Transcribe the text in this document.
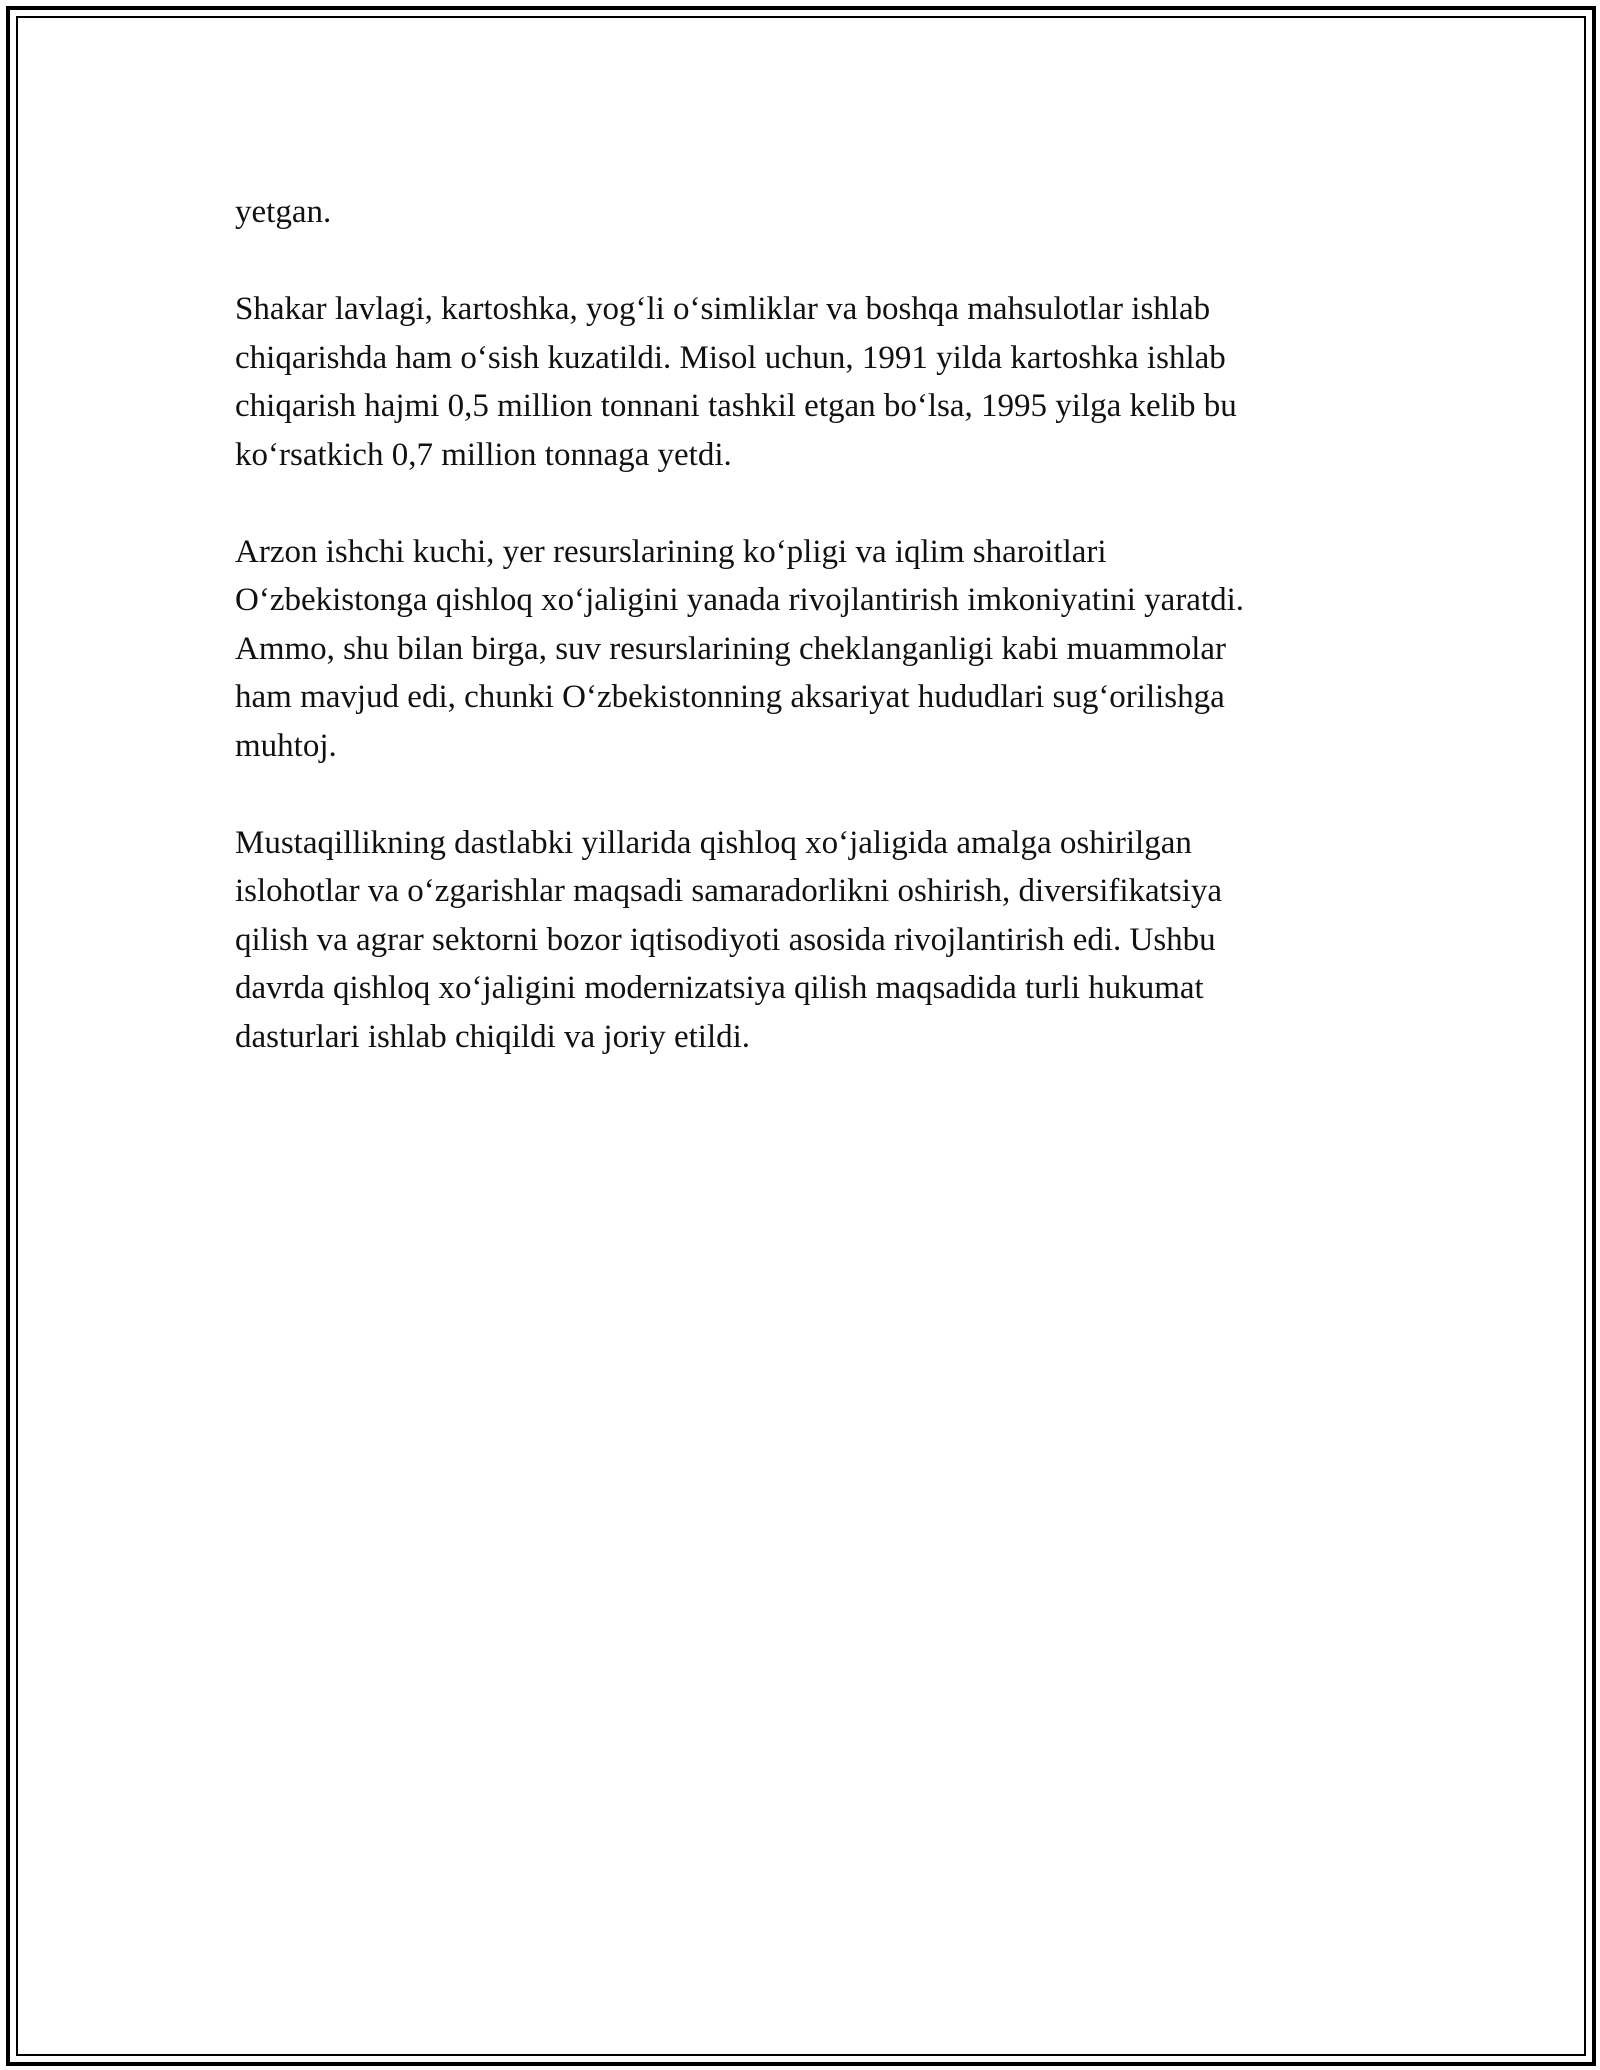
yetgan.

Shakar lavlagi, kartoshka, yog‘li o‘simliklar va boshqa mahsulotlar ishlab
chiqarishda ham o‘sish kuzatildi. Misol uchun, 1991 yilda kartoshka ishlab
chiqarish hajmi 0,5 million tonnani tashkil etgan bo‘lsa, 1995 yilga kelib bu
ko‘rsatkich 0,7 million tonnaga yetdi.

Arzon ishchi kuchi, yer resurslarining ko‘pligi va iqlim sharoitlari
O‘zbekistonga qishloq xo‘jaligini yanada rivojlantirish imkoniyatini yaratdi.
Ammo, shu bilan birga, suv resurslarining cheklanganligi kabi muammolar
ham mavjud edi, chunki O‘zbekistonning aksariyat hududlari sug‘orilishga
muhtoj.

Mustaqillikning dastlabki yillarida qishloq xo‘jaligida amalga oshirilgan
islohotlar va o‘zgarishlar maqsadi samaradorlikni oshirish, diversifikatsiya
qilish va agrar sektorni bozor iqtisodiyoti asosida rivojlantirish edi. Ushbu
davrda qishloq xo‘jaligini modernizatsiya qilish maqsadida turli hukumat
dasturlari ishlab chiqildi va joriy etildi.
